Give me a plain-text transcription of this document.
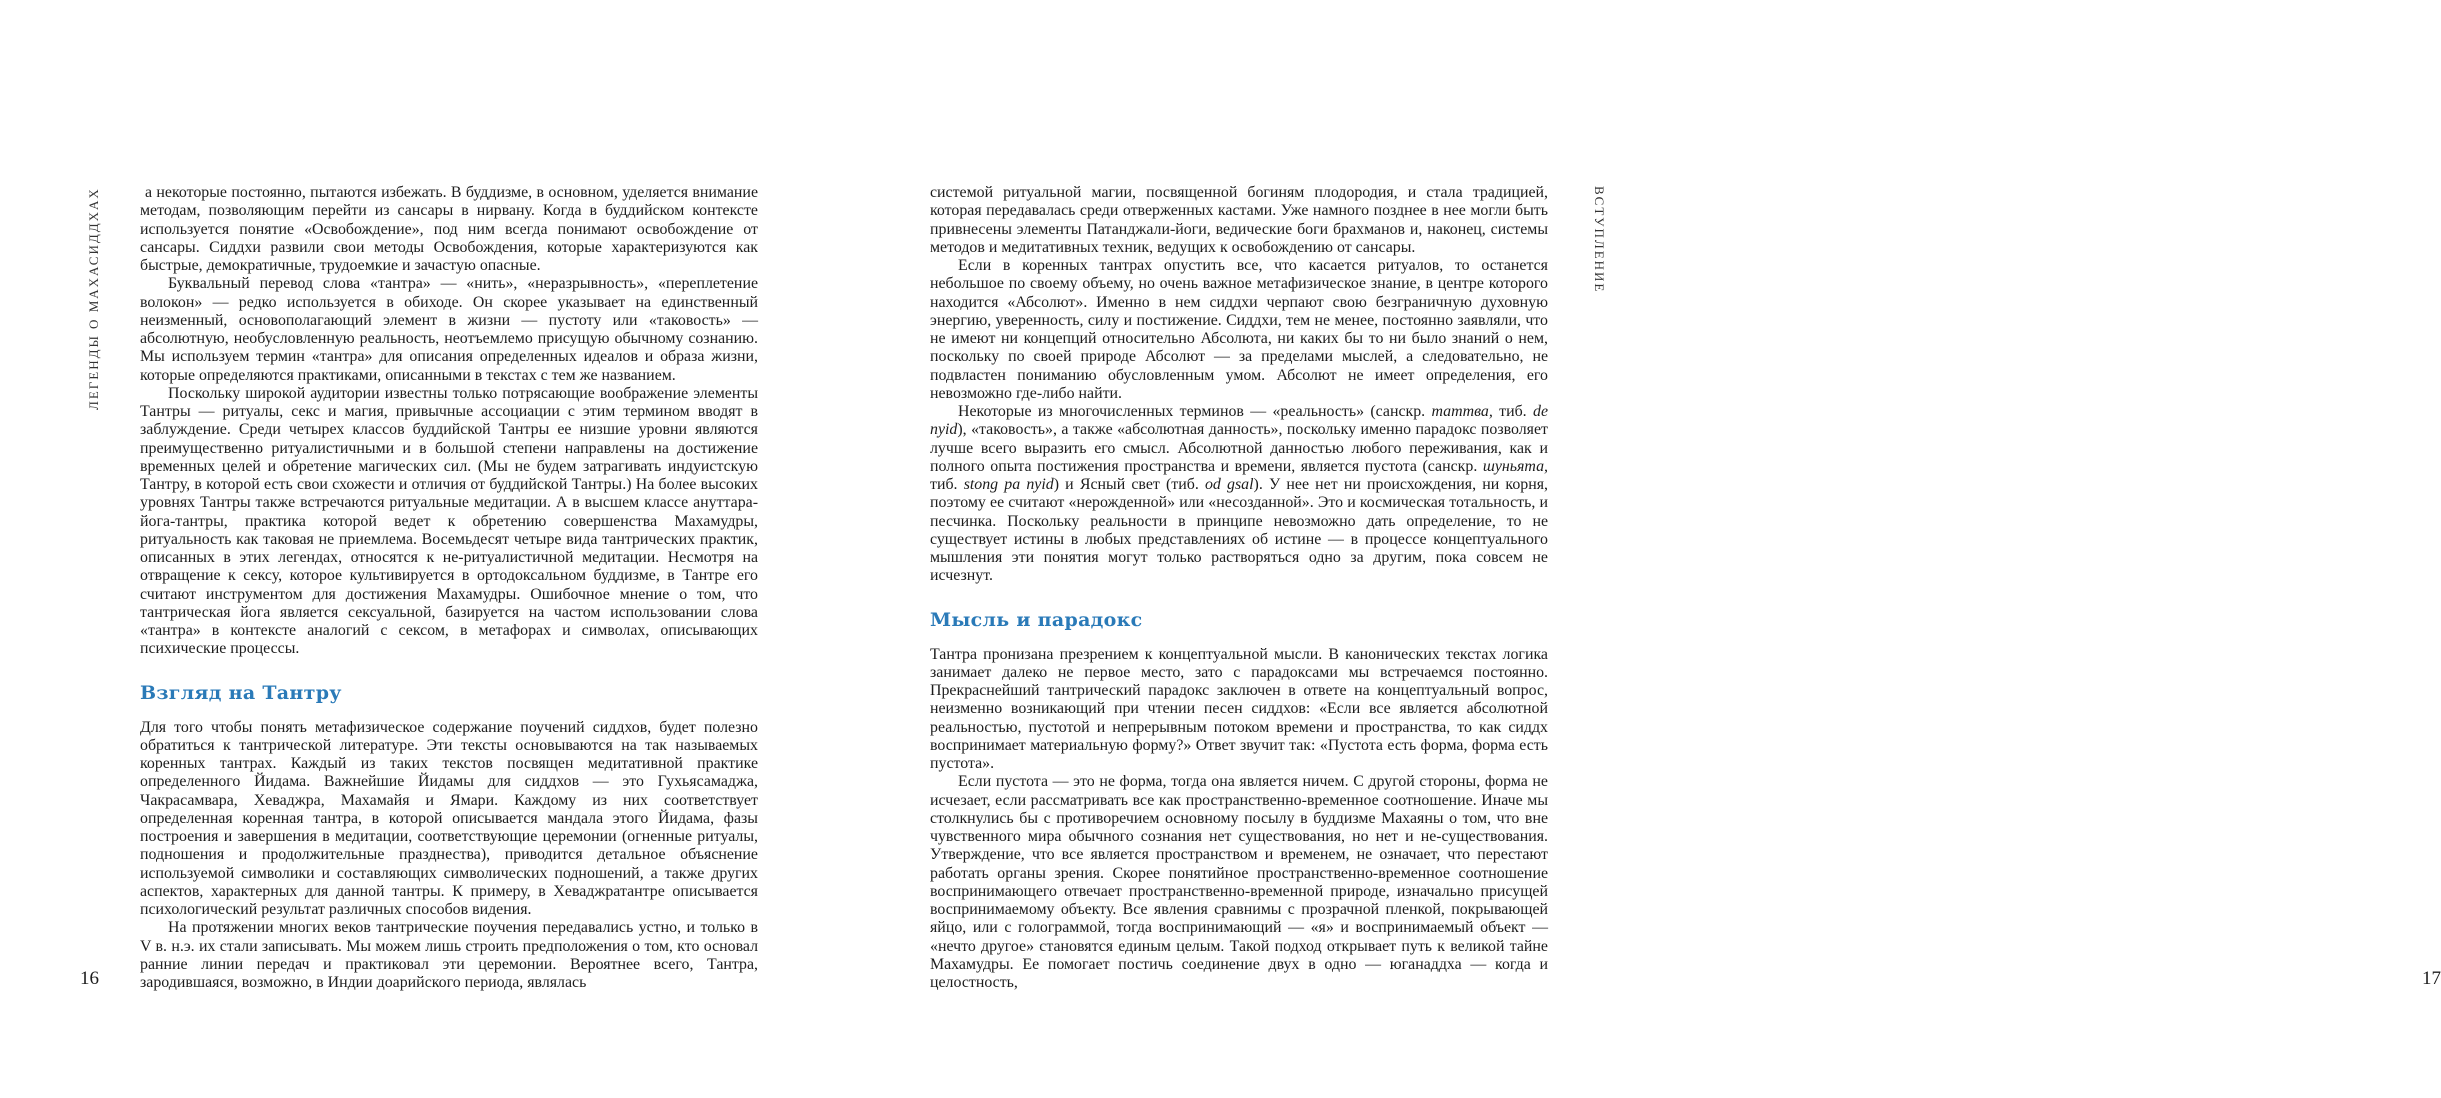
ЛЕГЕНДЫ О МАХАСИДДХАХ	а некоторые постоянно, пытаются избежать. В буддизме, в основном, уделяется внимание методам, позволяющим перейти из сансары в нирвану. Когда в буддийском контексте используется понятие «Освобождение», под ним всегда понимают освобождение от сансары. Сиддхи развили свои методы Освобождения, которые характеризуются как быстрые, демократичные, трудоемкие и зачастую опасные.

Буквальный перевод слова «тантра» — «нить», «неразрывность», «переплетение волокон» — редко используется в обиходе. Он скорее указывает на единственный неизменный, основополагающий элемент в жизни — пустоту или «таковость» — абсолютную, необусловленную реальность, неотъемлемо присущую обычному сознанию. Мы используем термин «тантра» для описания определенных идеалов и образа жизни, которые определяются практиками, описанными в текстах с тем же названием.

Поскольку широкой аудитории известны только потрясающие воображение элементы Тантры — ритуалы, секс и магия, привычные ассоциации с этим термином вводят в заблуждение. Среди четырех классов буддийской Тантры ее низшие уровни являются преимущественно ритуалистичными и в большой степени направлены на достижение временных целей и обретение магических сил. (Мы не будем затрагивать индуистскую Тантру, в которой есть свои схожести и отличия от буддийской Тантры.) На более высоких уровнях Тантры также встречаются ритуальные медитации. А в высшем классе ануттара-йога-тантры, практика которой ведет к обретению совершенства Махамудры, ритуальность как таковая не приемлема. Восемьдесят четыре вида тантрических практик, описанных в этих легендах, относятся к не-ритуалистичной медитации. Несмотря на отвращение к сексу, которое культивируется в ортодоксальном буддизме, в Тантре его считают инструментом для достижения Махамудры. Ошибочное мнение о том, что тантрическая йога является сексуальной, базируется на частом использовании слова «тантра» в контексте аналогий с сексом, в метафорах и символах, описывающих психические процессы.

Взгляд на Тантру

Для того чтобы понять метафизическое содержание поучений сиддхов, будет полезно обратиться к тантрической литературе. Эти тексты основываются на так называемых коренных тантрах. Каждый из таких текстов посвящен медитативной практике определенного Йидама. Важнейшие Йидамы для сиддхов — это Гухьясамаджа, Чакрасамвара, Хеваджра, Махамайя и Ямари. Каждому из них соответствует определенная коренная тантра, в которой описывается мандала этого Йидама, фазы построения и завершения в медитации, соответствующие церемонии (огненные ритуалы, подношения и продолжительные празднества), приводится детальное объяснение используемой символики и составляющих символических подношений, а также других аспектов, характерных для данной тантры. К примеру, в Хеваджратантре описывается психологический результат различных способов видения.

На протяжении многих веков тантрические поучения передавались устно, и только в V в. н.э. их стали записывать. Мы можем лишь строить предположения о том, кто основал ранние линии передач и практиковал эти церемонии. Вероятнее всего, Тантра, зародившаяся, возможно, в Индии доарийского периода, являлась

16

системой ритуальной магии, посвященной богиням плодородия, и стала традицией, которая передавалась среди отверженных кастами. Уже намного позднее в нее могли быть привнесены элементы Патанджали-йоги, ведические боги брахманов и, наконец, системы методов и медитативных техник, ведущих к освобождению от сансары.

Если в коренных тантрах опустить все, что касается ритуалов, то останется небольшое по своему объему, но очень важное метафизическое знание, в центре которого находится «Абсолют». Именно в нем сиддхи черпают свою безграничную духовную энергию, уверенность, силу и постижение. Сиддхи, тем не менее, постоянно заявляли, что не имеют ни концепций относительно Абсолюта, ни каких бы то ни было знаний о нем, поскольку по своей природе Абсолют — за пределами мыслей, а следовательно, не подвластен пониманию обусловленным умом. Абсолют не имеет определения, его невозможно где-либо найти.

Некоторые из многочисленных терминов — «реальность» (санскр. таттва, тиб. de nyid), «таковость», а также «абсолютная данность», поскольку именно парадокс позволяет лучше всего выразить его смысл. Абсолютной данностью любого переживания, как и полного опыта постижения пространства и времени, является пустота (санскр. шуньята, тиб. stong pa nyid) и Ясный свет (тиб. od gsal). У нее нет ни происхождения, ни корня, поэтому ее считают «нерожденной» или «несозданной». Это и космическая тотальность, и песчинка. Поскольку реальности в принципе невозможно дать определение, то не существует истины в любых представлениях об истине — в процессе концептуального мышления эти понятия могут только растворяться одно за другим, пока совсем не исчезнут.

Мысль и парадокс

Тантра пронизана презрением к концептуальной мысли. В канонических текстах логика занимает далеко не первое место, зато с парадоксами мы встречаемся постоянно. Прекраснейший тантрический парадокс заключен в ответе на концептуальный вопрос, неизменно возникающий при чтении песен сиддхов: «Если все является абсолютной реальностью, пустотой и непрерывным потоком времени и пространства, то как сиддх воспринимает материальную форму?» Ответ звучит так: «Пустота есть форма, форма есть пустота».

Если пустота — это не форма, тогда она является ничем. С другой стороны, форма не исчезает, если рассматривать все как пространственно-временное соотношение. Иначе мы столкнулись бы с противоречием основному посылу в буддизме Махаяны о том, что вне чувственного мира обычного сознания нет существования, но нет и не-существования. Утверждение, что все является пространством и временем, не означает, что перестают работать органы зрения. Скорее понятийное пространственно-временное соотношение воспринимающего отвечает пространственно-временной природе, изначально присущей воспринимаемому объекту. Все явления сравнимы с прозрачной пленкой, покрывающей яйцо, или с голограммой, тогда воспринимающий — «я» и воспринимаемый объект — «нечто другое» становятся единым целым. Такой подход открывает путь к великой тайне Махамудры. Ее помогает постичь соединение двух в одно — юганаддха — когда и целостность,	17
ВСТУПЛЕНИЕ
